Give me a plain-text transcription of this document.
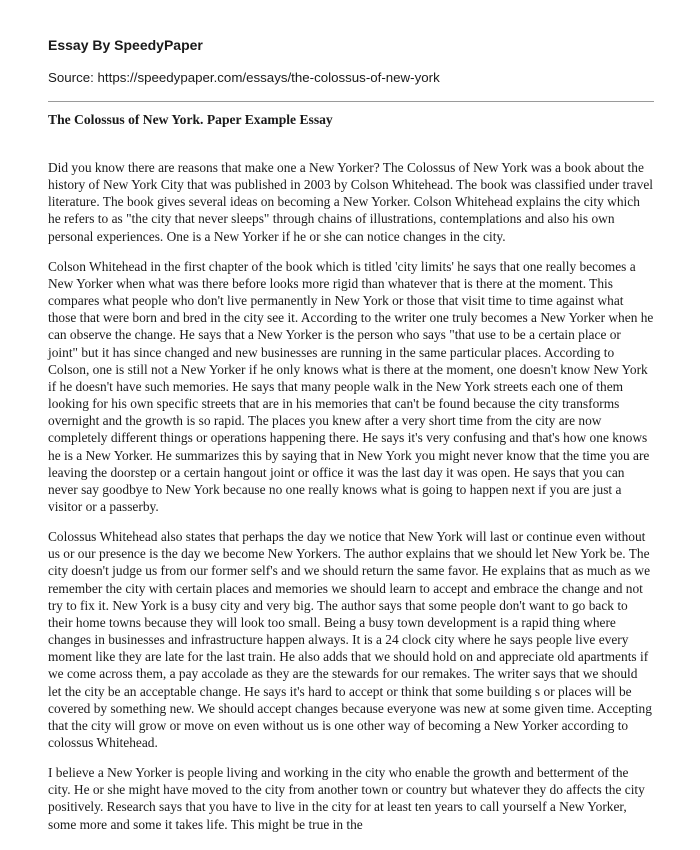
Essay By SpeedyPaper
Source: https://speedypaper.com/essays/the-colossus-of-new-york
The Colossus of New York. Paper Example Essay

Did you know there are reasons that make one a New Yorker? The Colossus of New York was a book about the history of New York City that was published in 2003 by Colson Whitehead. The book was classified under travel literature. The book gives several ideas on becoming a New Yorker. Colson Whitehead explains the city which he refers to as "the city that never sleeps" through chains of illustrations, contemplations and also his own personal experiences. One is a New Yorker if he or she can notice changes in the city.

Colson Whitehead in the first chapter of the book which is titled 'city limits' he says that one really becomes a New Yorker when what was there before looks more rigid than whatever that is there at the moment. This compares what people who don't live permanently in New York or those that visit time to time against what those that were born and bred in the city see it. According to the writer one truly becomes a New Yorker when he can observe the change. He says that a New Yorker is the person who says "that use to be a certain place or joint" but it has since changed and new businesses are running in the same particular places. According to Colson, one is still not a New Yorker if he only knows what is there at the moment, one doesn't know New York if he doesn't have such memories. He says that many people walk in the New York streets each one of them looking for his own specific streets that are in his memories that can't be found because the city transforms overnight and the growth is so rapid. The places you knew after a very short time from the city are now completely different things or operations happening there. He says it's very confusing and that's how one knows he is a New Yorker. He summarizes this by saying that in New York you might never know that the time you are leaving the doorstep or a certain hangout joint or office it was the last day it was open. He says that you can never say goodbye to New York because no one really knows what is going to happen next if you are just a visitor or a passerby.

Colossus Whitehead also states that perhaps the day we notice that New York will last or continue even without us or our presence is the day we become New Yorkers. The author explains that we should let New York be. The city doesn't judge us from our former self's and we should return the same favor. He explains that as much as we remember the city with certain places and memories we should learn to accept and embrace the change and not try to fix it. New York is a busy city and very big. The author says that some people don't want to go back to their home towns because they will look too small. Being a busy town development is a rapid thing where changes in businesses and infrastructure happen always. It is a 24 clock city where he says people live every moment like they are late for the last train. He also adds that we should hold on and appreciate old apartments if we come across them, a pay accolade as they are the stewards for our remakes. The writer says that we should let the city be an acceptable change. He says it's hard to accept or think that some building s or places will be covered by something new. We should accept changes because everyone was new at some given time. Accepting that the city will grow or move on even without us is one other way of becoming a New Yorker according to colossus Whitehead.

I believe a New Yorker is people living and working in the city who enable the growth and betterment of the city. He or she might have moved to the city from another town or country but whatever they do affects the city positively. Research says that you have to live in the city for at least ten years to call yourself a New Yorker, some more and some it takes life. This might be true in the
